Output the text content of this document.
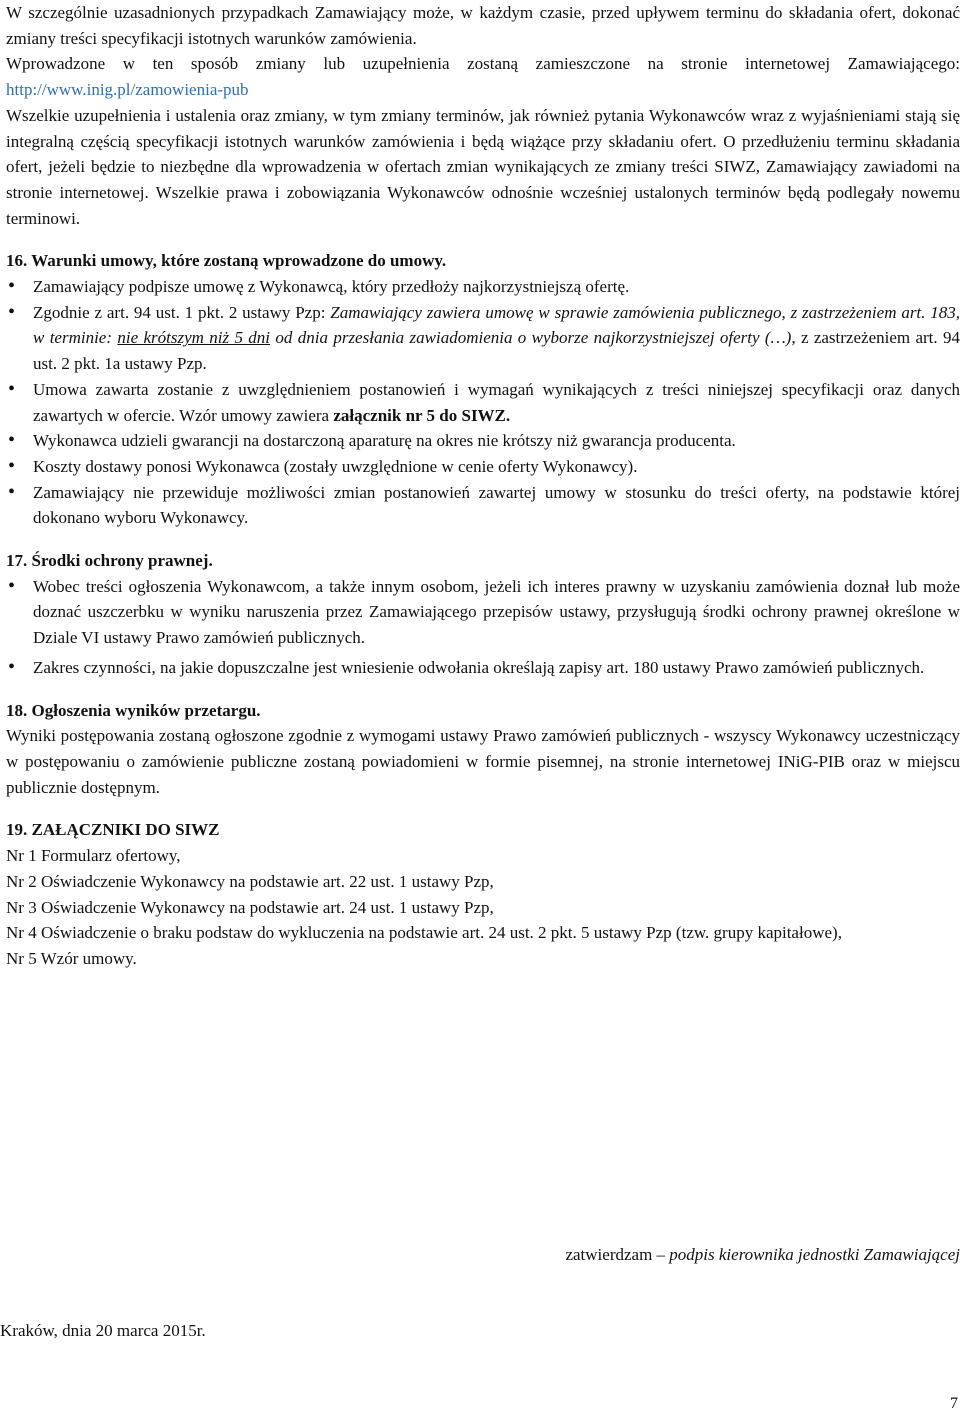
W szczególnie uzasadnionych przypadkach Zamawiający może, w każdym czasie, przed upływem terminu do składania ofert, dokonać zmiany treści specyfikacji istotnych warunków zamówienia.

Wprowadzone w ten sposób zmiany lub uzupełnienia zostaną zamieszczone na stronie internetowej Zamawiającego: http://www.inig.pl/zamowienia-pub

Wszelkie uzupełnienia i ustalenia oraz zmiany, w tym zmiany terminów, jak również pytania Wykonawców wraz z wyjaśnieniami stają się integralną częścią specyfikacji istotnych warunków zamówienia i będą wiążące przy składaniu ofert. O przedłużeniu terminu składania ofert, jeżeli będzie to niezbędne dla wprowadzenia w ofertach zmian wynikających ze zmiany treści SIWZ, Zamawiający zawiadomi na stronie internetowej. Wszelkie prawa i zobowiązania Wykonawców odnośnie wcześniej ustalonych terminów będą podlegały nowemu terminowi.

16. Warunki umowy, które zostaną wprowadzone do umowy.
• Zamawiający podpisze umowę z Wykonawcą, który przedłoży najkorzystniejszą ofertę.
• Zgodnie z art. 94 ust. 1 pkt. 2 ustawy Pzp: Zamawiający zawiera umowę w sprawie zamówienia publicznego, z zastrzeżeniem art. 183, w terminie: nie krótszym niż 5 dni od dnia przesłania zawiadomienia o wyborze najkorzystniejszej oferty (…), z zastrzeżeniem art. 94 ust. 2 pkt. 1a ustawy Pzp.
• Umowa zawarta zostanie z uwzględnieniem postanowień i wymagań wynikających z treści niniejszej specyfikacji oraz danych zawartych w ofercie. Wzór umowy zawiera załącznik nr 5 do SIWZ.
• Wykonawca udzieli gwarancji na dostarczoną aparaturę na okres nie krótszy niż gwarancja producenta.
• Koszty dostawy ponosi Wykonawca (zostały uwzględnione w cenie oferty Wykonawcy).
• Zamawiający nie przewiduje możliwości zmian postanowień zawartej umowy w stosunku do treści oferty, na podstawie której dokonano wyboru Wykonawcy.
17. Środki ochrony prawnej.
• Wobec treści ogłoszenia Wykonawcom, a także innym osobom, jeżeli ich interes prawny w uzyskaniu zamówienia doznał lub może doznać uszczerbku w wyniku naruszenia przez Zamawiającego przepisów ustawy, przysługują środki ochrony prawnej określone w Dziale VI ustawy Prawo zamówień publicznych.
• Zakres czynności, na jakie dopuszczalne jest wniesienie odwołania określają zapisy art. 180 ustawy Prawo zamówień publicznych.
18. Ogłoszenia wyników przetargu.

Wyniki postępowania zostaną ogłoszone zgodnie z wymogami ustawy Prawo zamówień publicznych - wszyscy Wykonawcy uczestniczący w postępowaniu o zamówienie publiczne zostaną powiadomieni w formie pisemnej, na stronie internetowej INiG-PIB oraz w miejscu publicznie dostępnym.

19. ZAŁĄCZNIKI DO SIWZ

Nr 1 Formularz ofertowy,

Nr 2 Oświadczenie Wykonawcy na podstawie art. 22 ust. 1 ustawy Pzp,

Nr 3 Oświadczenie Wykonawcy na podstawie art. 24 ust. 1 ustawy Pzp,

Nr 4 Oświadczenie o braku podstaw do wykluczenia na podstawie art. 24 ust. 2 pkt. 5 ustawy Pzp (tzw. grupy kapitałowe),

Nr 5 Wzór umowy.

zatwierdzam – podpis kierownika jednostki Zamawiającej
Kraków, dnia 20 marca 2015r.
7
